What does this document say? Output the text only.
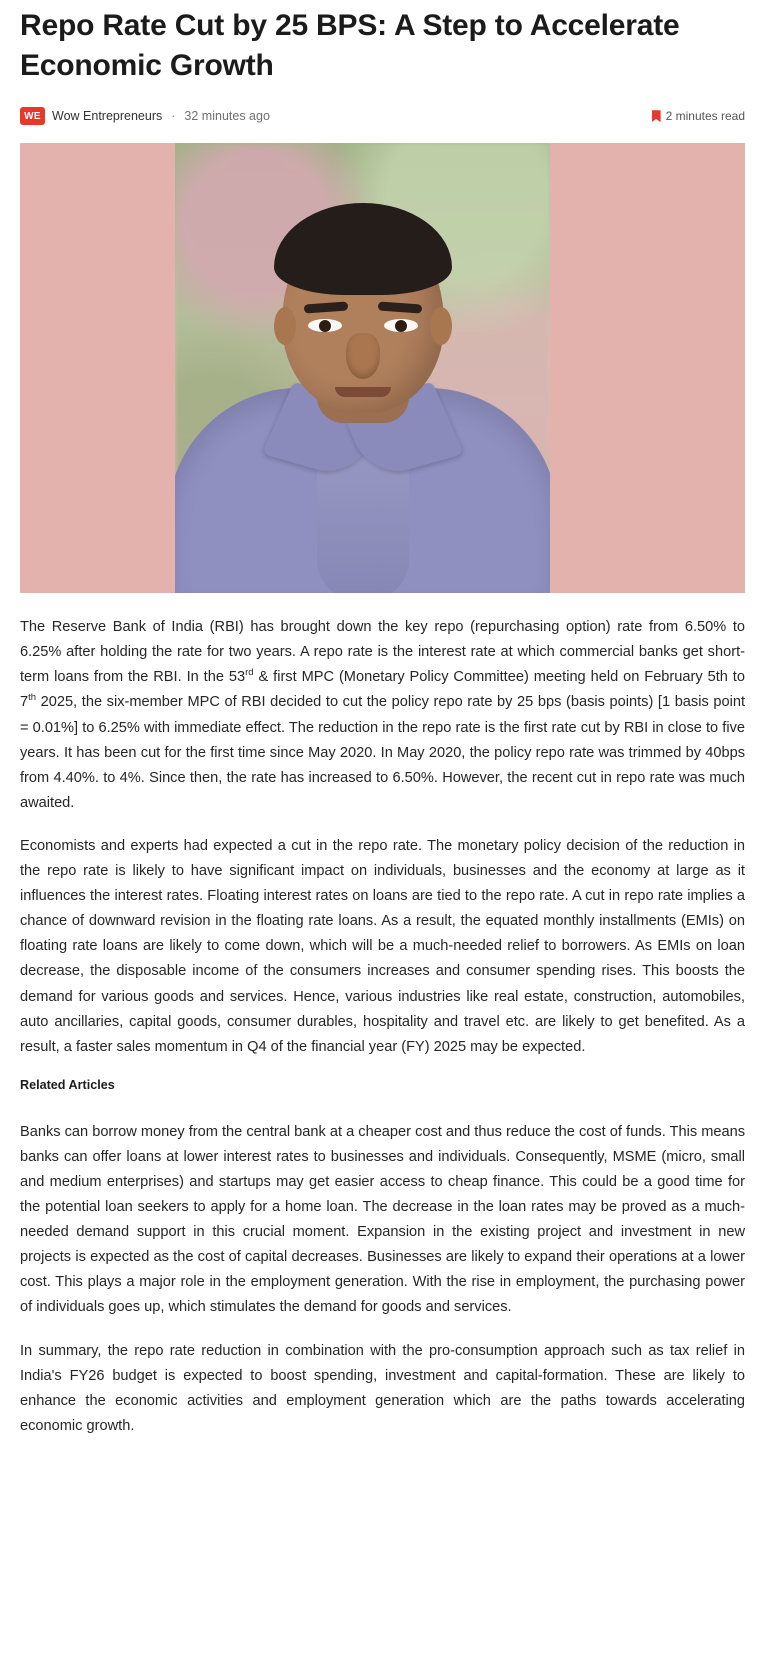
Repo Rate Cut by 25 BPS: A Step to Accelerate Economic Growth
WE Wow Entrepreneurs · 32 minutes ago	2 minutes read

The Reserve Bank of India (RBI) has brought down the key repo (repurchasing option) rate from 6.50% to 6.25% after holding the rate for two years. A repo rate is the interest rate at which commercial banks get short-term loans from the RBI. In the 53rd & first MPC (Monetary Policy Committee) meeting held on February 5th to 7th 2025, the six-member MPC of RBI decided to cut the policy repo rate by 25 bps (basis points) [1 basis point = 0.01%] to 6.25% with immediate effect. The reduction in the repo rate is the first rate cut by RBI in close to five years. It has been cut for the first time since May 2020. In May 2020, the policy repo rate was trimmed by 40bps from 4.40%. to 4%. Since then, the rate has increased to 6.50%. However, the recent cut in repo rate was much awaited.

Economists and experts had expected a cut in the repo rate. The monetary policy decision of the reduction in the repo rate is likely to have significant impact on individuals, businesses and the economy at large as it influences the interest rates. Floating interest rates on loans are tied to the repo rate. A cut in repo rate implies a chance of downward revision in the floating rate loans. As a result, the equated monthly installments (EMIs) on floating rate loans are likely to come down, which will be a much-needed relief to borrowers. As EMIs on loan decrease, the disposable income of the consumers increases and consumer spending rises. This boosts the demand for various goods and services. Hence, various industries like real estate, construction, automobiles, auto ancillaries, capital goods, consumer durables, hospitality and travel etc. are likely to get benefited. As a result, a faster sales momentum in Q4 of the financial year (FY) 2025 may be expected.

Related Articles

Banks can borrow money from the central bank at a cheaper cost and thus reduce the cost of funds. This means banks can offer loans at lower interest rates to businesses and individuals. Consequently, MSME (micro, small and medium enterprises) and startups may get easier access to cheap finance. This could be a good time for the potential loan seekers to apply for a home loan. The decrease in the loan rates may be proved as a much-needed demand support in this crucial moment. Expansion in the existing project and investment in new projects is expected as the cost of capital decreases. Businesses are likely to expand their operations at a lower cost. This plays a major role in the employment generation. With the rise in employment, the purchasing power of individuals goes up, which stimulates the demand for goods and services.

In summary, the repo rate reduction in combination with the pro-consumption approach such as tax relief in India's FY26 budget is expected to boost spending, investment and capital-formation. These are likely to enhance the economic activities and employment generation which are the paths towards accelerating economic growth.
